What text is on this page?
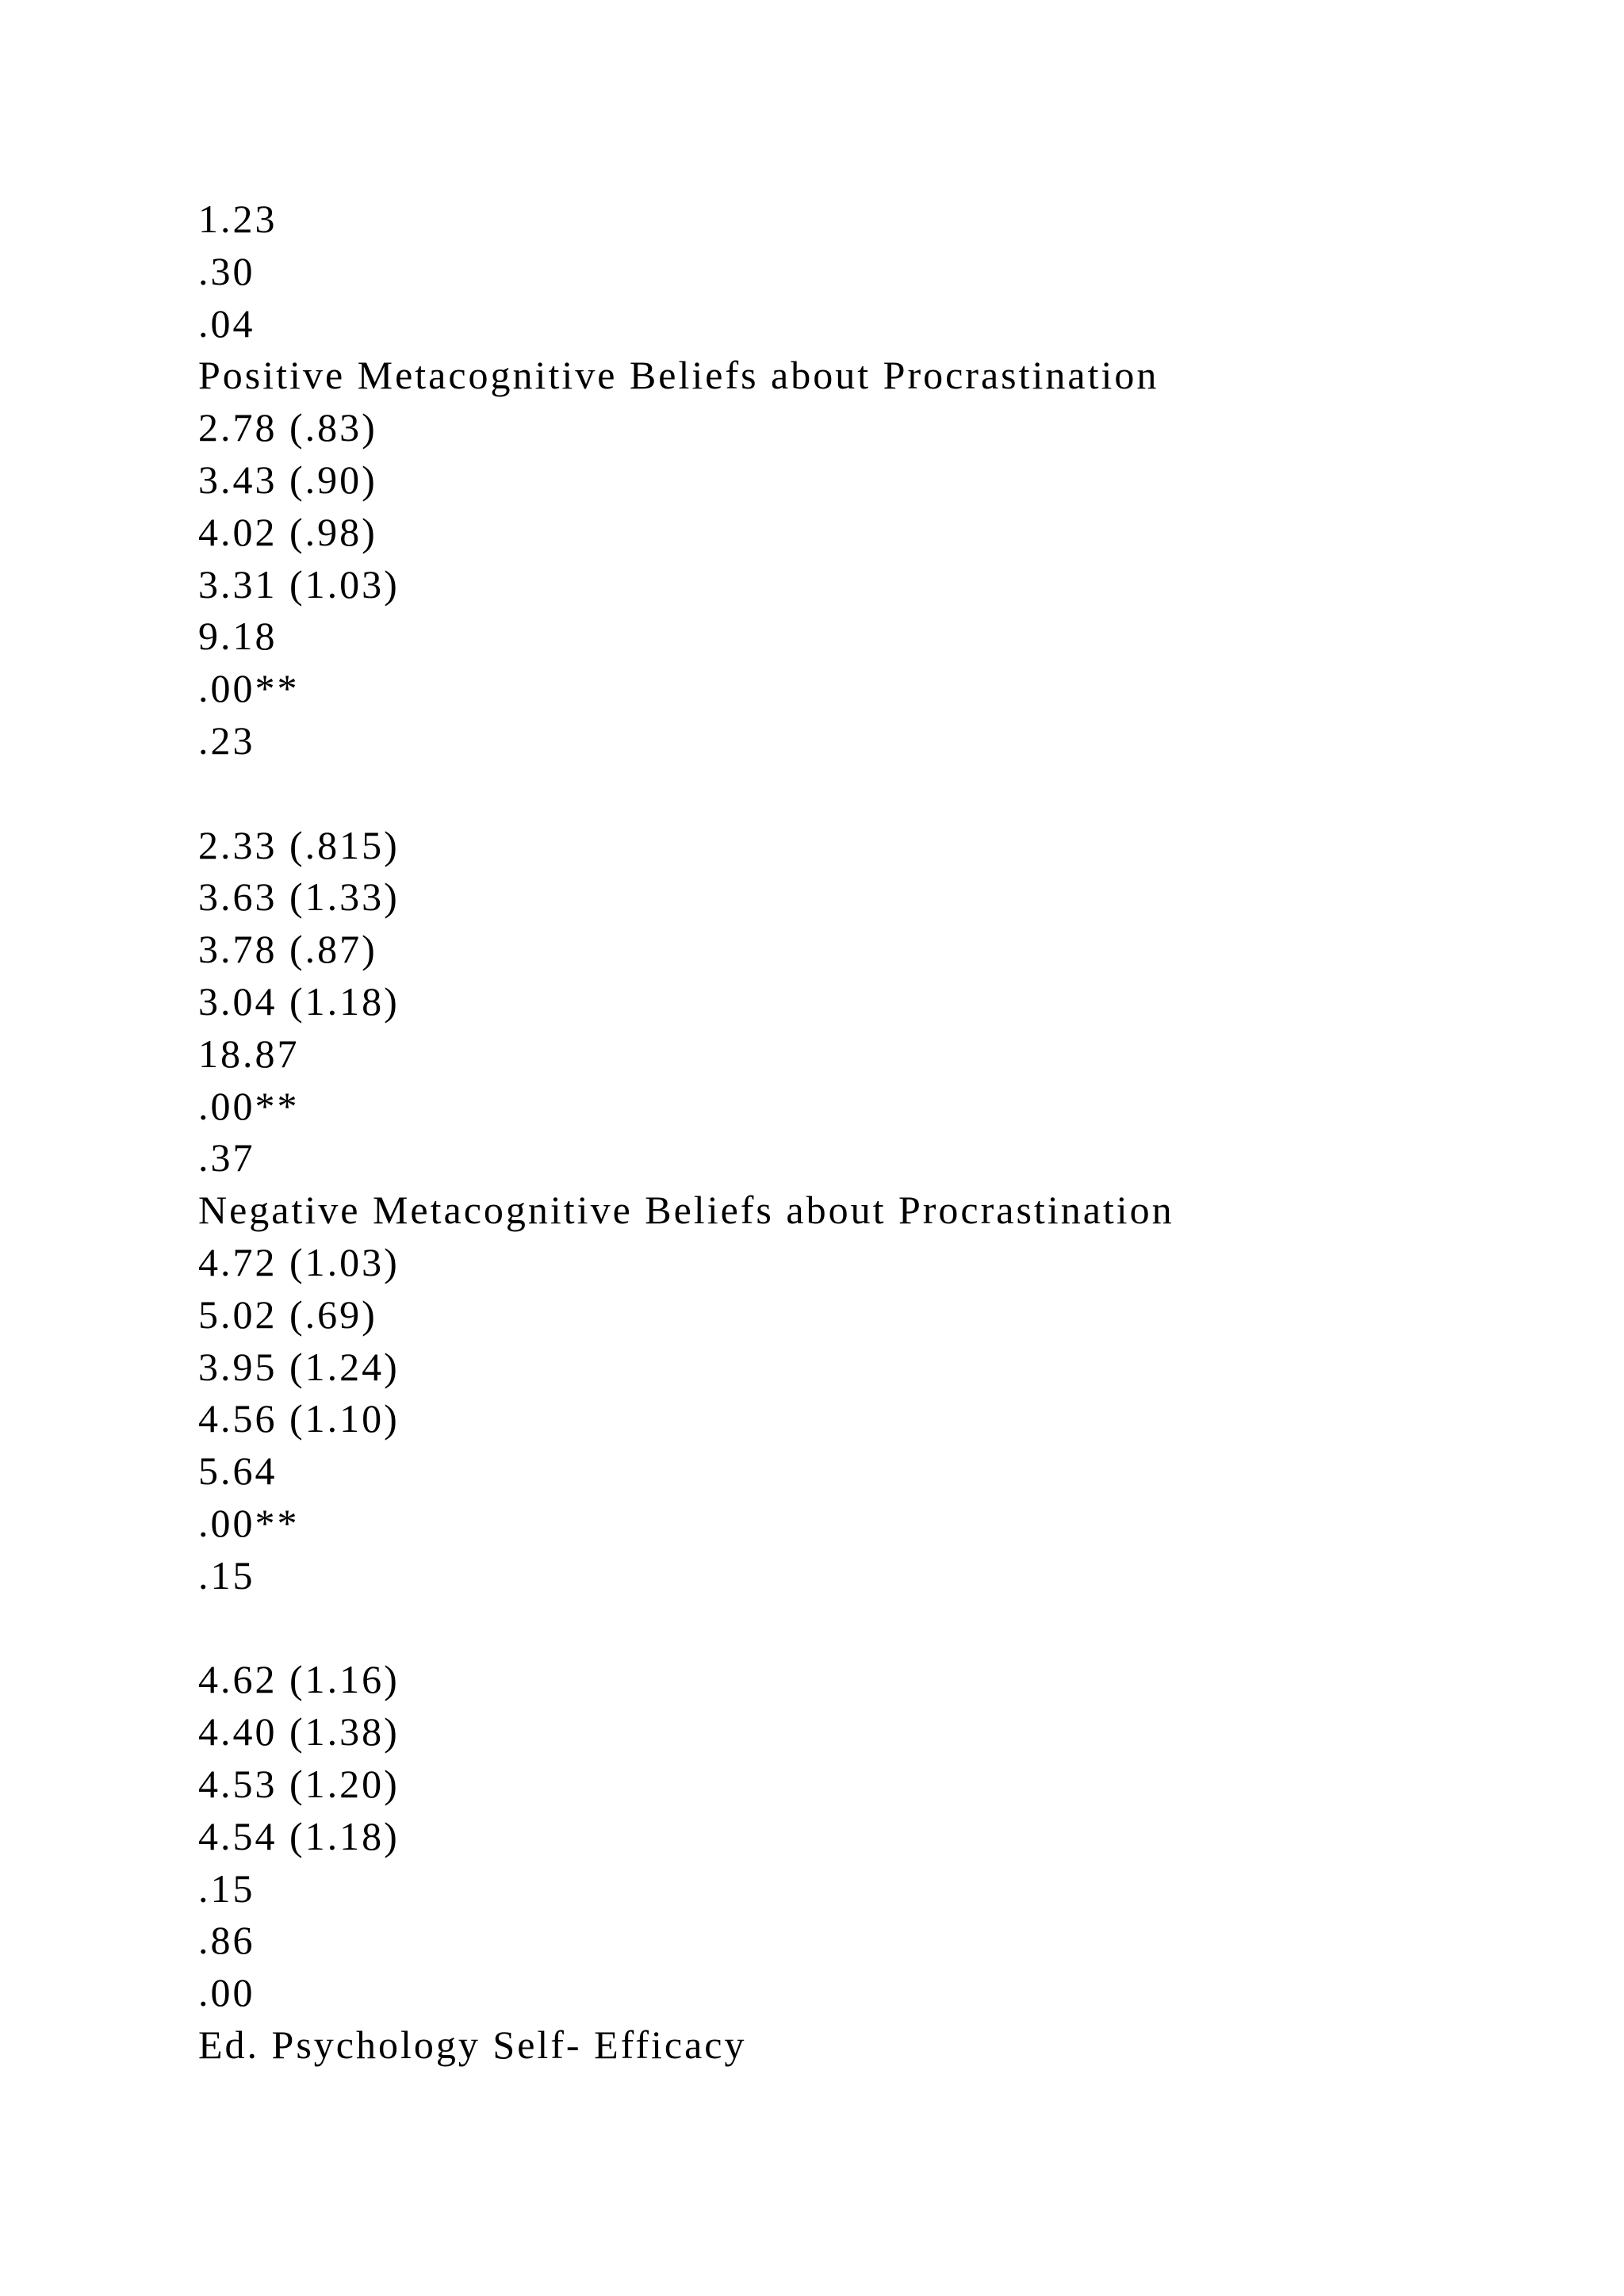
1.23
.30
.04
Positive Metacognitive Beliefs about Procrastination
2.78 (.83)
3.43 (.90)
4.02 (.98)
3.31 (1.03)
9.18
.00**
.23
2.33 (.815)
3.63 (1.33)
3.78 (.87)
3.04 (1.18)
18.87
.00**
.37
Negative Metacognitive Beliefs about Procrastination
4.72 (1.03)
5.02 (.69)
3.95 (1.24)
4.56 (1.10)
5.64
.00**
.15
4.62 (1.16)
4.40 (1.38)
4.53 (1.20)
4.54 (1.18)
.15
.86
.00
Ed. Psychology Self- Efficacy
